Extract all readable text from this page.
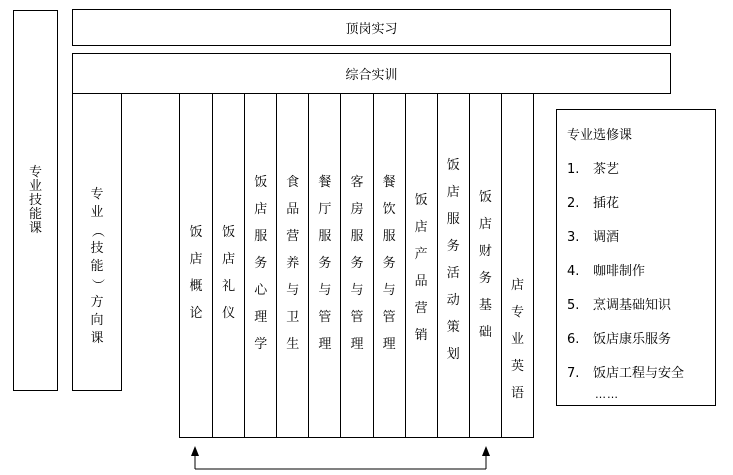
专
业
技
能
课
顶岗实习
综合实训
专
业
（
技
能
）
方
向
课
饭
店
概
论
饭
店
礼
仪
饭
店
服
务
心
理
学
食
品
营
养
与
卫
生
餐
厅
服
务
与
管
理
客
房
服
务
与
管
理
餐
饮
服
务
与
管
理
饭
店
产
品
营
销
饭
店
服
务
活
动
策
划
饭
店
财
务
基
础
店
专
业
英
语
专业选修课
1. 茶艺
2. 插花
3. 调酒
4. 咖啡制作
5. 烹调基础知识
6. 饭店康乐服务
7. 饭店工程与安全
……
